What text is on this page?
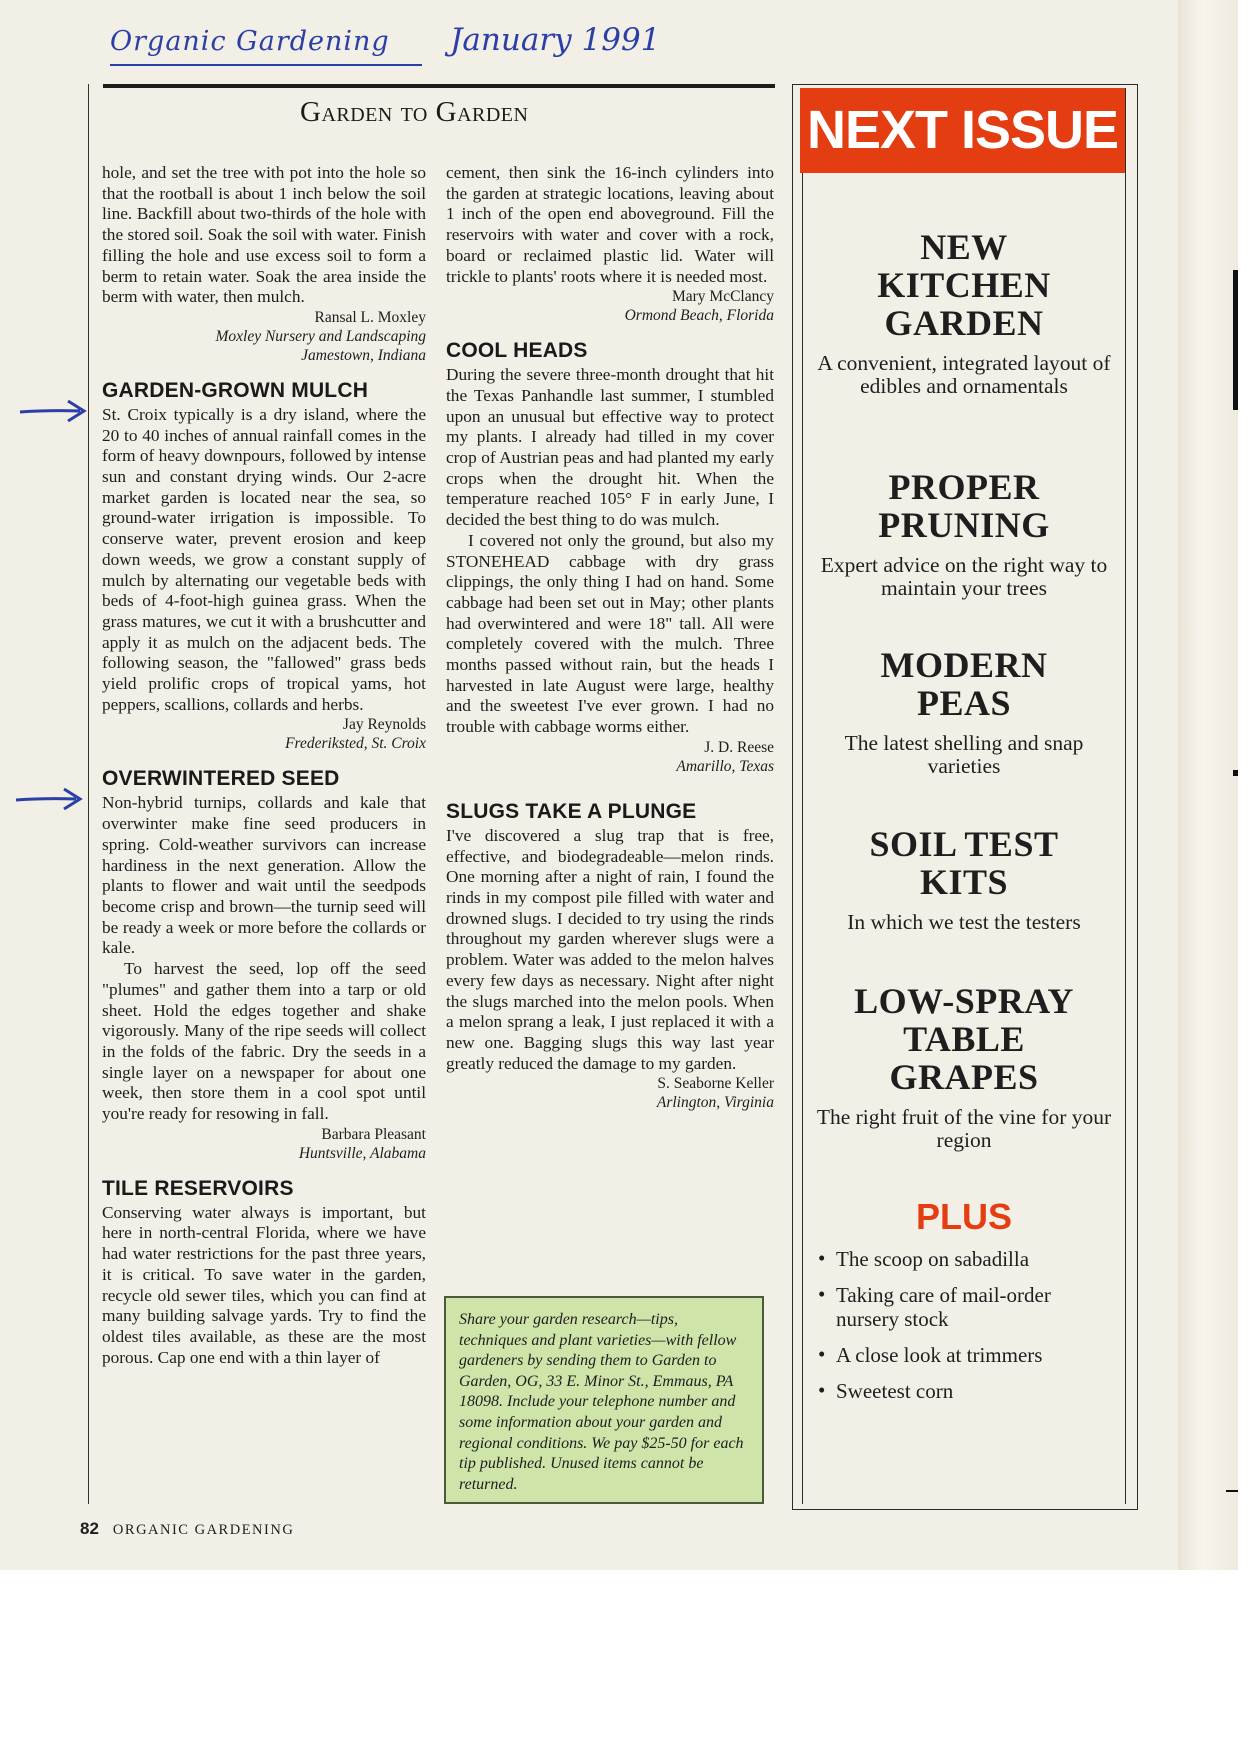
Organic Gardening January 1991
Garden to Garden

hole, and set the tree with pot into the hole so that the rootball is about 1 inch below the soil line. Backfill about two-thirds of the hole with the stored soil. Soak the soil with water. Finish filling the hole and use excess soil to form a berm to retain water. Soak the area inside the berm with water, then mulch.

Ransal L. Moxley
Moxley Nursery and Landscaping
Jamestown, Indiana
GARDEN-GROWN MULCH

St. Croix typically is a dry island, where the 20 to 40 inches of annual rainfall comes in the form of heavy downpours, followed by intense sun and constant drying winds. Our 2-acre market garden is located near the sea, so ground-water irrigation is impossible. To conserve water, prevent erosion and keep down weeds, we grow a constant supply of mulch by alternating our vegetable beds with beds of 4-foot-high guinea grass. When the grass matures, we cut it with a brushcutter and apply it as mulch on the adjacent beds. The following season, the "fallowed" grass beds yield prolific crops of tropical yams, hot peppers, scallions, collards and herbs.

Jay Reynolds
Frederiksted, St. Croix
OVERWINTERED SEED

Non-hybrid turnips, collards and kale that overwinter make fine seed producers in spring. Cold-weather survivors can increase hardiness in the next generation. Allow the plants to flower and wait until the seedpods become crisp and brown—the turnip seed will be ready a week or more before the collards or kale.

To harvest the seed, lop off the seed "plumes" and gather them into a tarp or old sheet. Hold the edges together and shake vigorously. Many of the ripe seeds will collect in the folds of the fabric. Dry the seeds in a single layer on a newspaper for about one week, then store them in a cool spot until you're ready for resowing in fall.

Barbara Pleasant
Huntsville, Alabama
TILE RESERVOIRS

Conserving water always is important, but here in north-central Florida, where we have had water restrictions for the past three years, it is critical. To save water in the garden, recycle old sewer tiles, which you can find at many building salvage yards. Try to find the oldest tiles available, as these are the most porous. Cap one end with a thin layer of

cement, then sink the 16-inch cylinders into the garden at strategic locations, leaving about 1 inch of the open end aboveground. Fill the reservoirs with water and cover with a rock, board or reclaimed plastic lid. Water will trickle to plants' roots where it is needed most.

Mary McClancy
Ormond Beach, Florida
COOL HEADS

During the severe three-month drought that hit the Texas Panhandle last summer, I stumbled upon an unusual but effective way to protect my plants. I already had tilled in my cover crop of Austrian peas and had planted my early crops when the drought hit. When the temperature reached 105° F in early June, I decided the best thing to do was mulch.

I covered not only the ground, but also my STONEHEAD cabbage with dry grass clippings, the only thing I had on hand. Some cabbage had been set out in May; other plants had overwintered and were 18" tall. All were completely covered with the mulch. Three months passed without rain, but the heads I harvested in late August were large, healthy and the sweetest I've ever grown. I had no trouble with cabbage worms either.

J. D. Reese
Amarillo, Texas
SLUGS TAKE A PLUNGE

I've discovered a slug trap that is free, effective, and biodegradeable—melon rinds. One morning after a night of rain, I found the rinds in my compost pile filled with water and drowned slugs. I decided to try using the rinds throughout my garden wherever slugs were a problem. Water was added to the melon halves every few days as necessary. Night after night the slugs marched into the melon pools. When a melon sprang a leak, I just replaced it with a new one. Bagging slugs this way last year greatly reduced the damage to my garden.

S. Seaborne Keller
Arlington, Virginia
Share your garden research—tips, techniques and plant varieties—with fellow gardeners by sending them to Garden to Garden, OG, 33 E. Minor St., Emmaus, PA 18098. Include your telephone number and some information about your garden and regional conditions. We pay $25-50 for each tip published. Unused items cannot be returned.
NEXT ISSUE
NEW
KITCHEN
GARDEN
A convenient, integrated layout of edibles and ornamentals
PROPER
PRUNING
Expert advice on the right way to maintain your trees
MODERN
PEAS
The latest shelling and snap varieties
SOIL TEST
KITS
In which we test the testers
LOW-SPRAY
TABLE
GRAPES
The right fruit of the vine for your region
PLUS
• The scoop on sabadilla
• Taking care of mail-order nursery stock
• A close look at trimmers
• Sweetest corn
82 ORGANIC GARDENING
